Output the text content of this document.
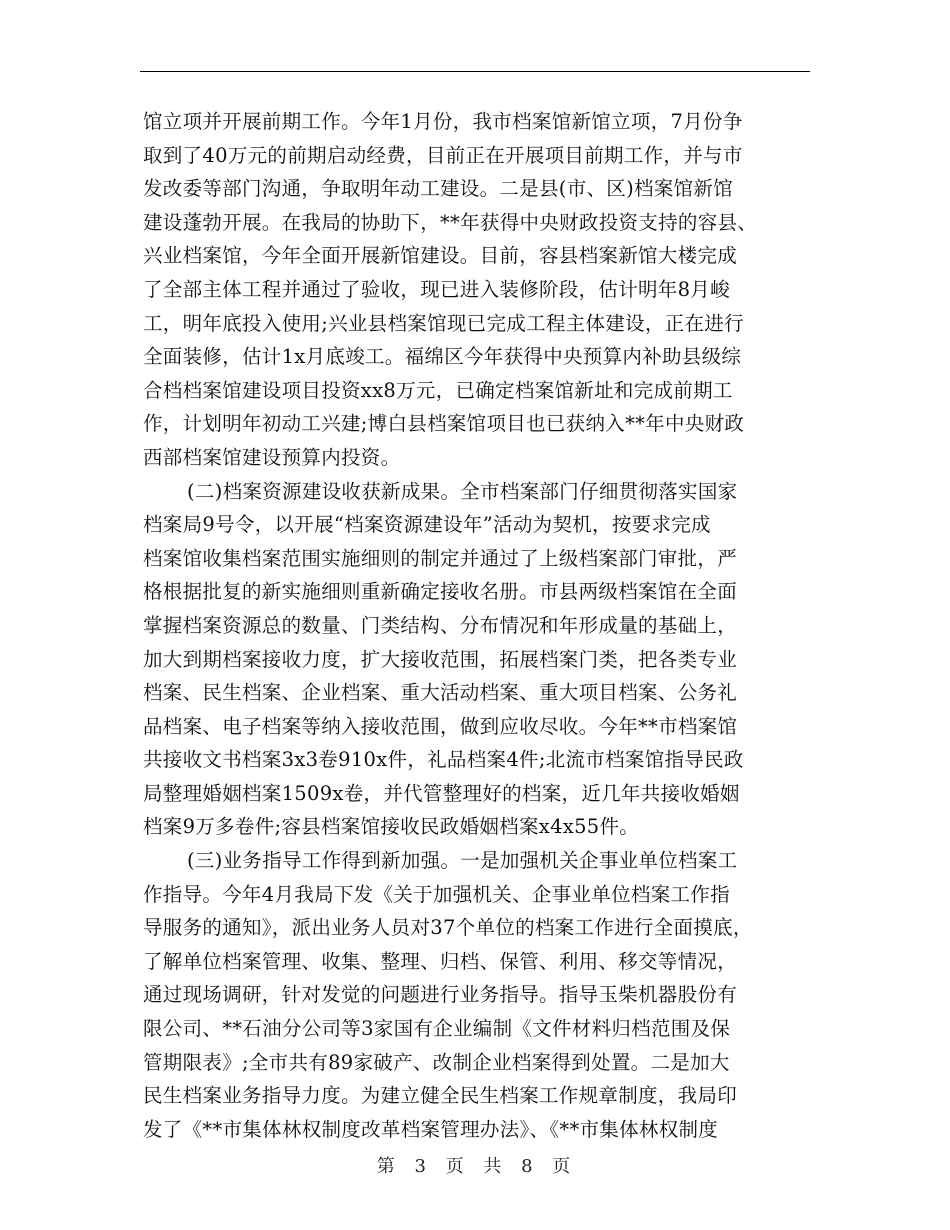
馆立项并开展前期工作。今年1月份，我市档案馆新馆立项，7月份争
取到了40万元的前期启动经费，目前正在开展项目前期工作，并与市
发改委等部门沟通，争取明年动工建设。二是县(市、区)档案馆新馆
建设蓬勃开展。在我局的协助下，**年获得中央财政投资支持的容县、
兴业档案馆，今年全面开展新馆建设。目前，容县档案新馆大楼完成
了全部主体工程并通过了验收，现已进入装修阶段，估计明年8月峻
工，明年底投入使用;兴业县档案馆现已完成工程主体建设，正在进行
全面装修，估计1x月底竣工。福绵区今年获得中央预算内补助县级综
合档档案馆建设项目投资xx8万元，已确定档案馆新址和完成前期工
作，计划明年初动工兴建;博白县档案馆项目也已获纳入**年中央财政
西部档案馆建设预算内投资。
(二)档案资源建设收获新成果。全市档案部门仔细贯彻落实国家
档案局9号令，以开展“档案资源建设年”活动为契机，按要求完成
档案馆收集档案范围实施细则的制定并通过了上级档案部门审批，严
格根据批复的新实施细则重新确定接收名册。市县两级档案馆在全面
掌握档案资源总的数量、门类结构、分布情况和年形成量的基础上，
加大到期档案接收力度，扩大接收范围，拓展档案门类，把各类专业
档案、民生档案、企业档案、重大活动档案、重大项目档案、公务礼
品档案、电子档案等纳入接收范围，做到应收尽收。今年**市档案馆
共接收文书档案3x3卷910x件，礼品档案4件;北流市档案馆指导民政
局整理婚姻档案1509x卷，并代管整理好的档案，近几年共接收婚姻
档案9万多卷件;容县档案馆接收民政婚姻档案x4x55件。
(三)业务指导工作得到新加强。一是加强机关企事业单位档案工
作指导。今年4月我局下发《关于加强机关、企事业单位档案工作指
导服务的通知》，派出业务人员对37个单位的档案工作进行全面摸底，
了解单位档案管理、收集、整理、归档、保管、利用、移交等情况，
通过现场调研，针对发觉的问题进行业务指导。指导玉柴机器股份有
限公司、**石油分公司等3家国有企业编制《文件材料归档范围及保
管期限表》;全市共有89家破产、改制企业档案得到处置。二是加大
民生档案业务指导力度。为建立健全民生档案工作规章制度，我局印
发了《**市集体林权制度改革档案管理办法》、《**市集体林权制度
第 3 页 共 8 页
